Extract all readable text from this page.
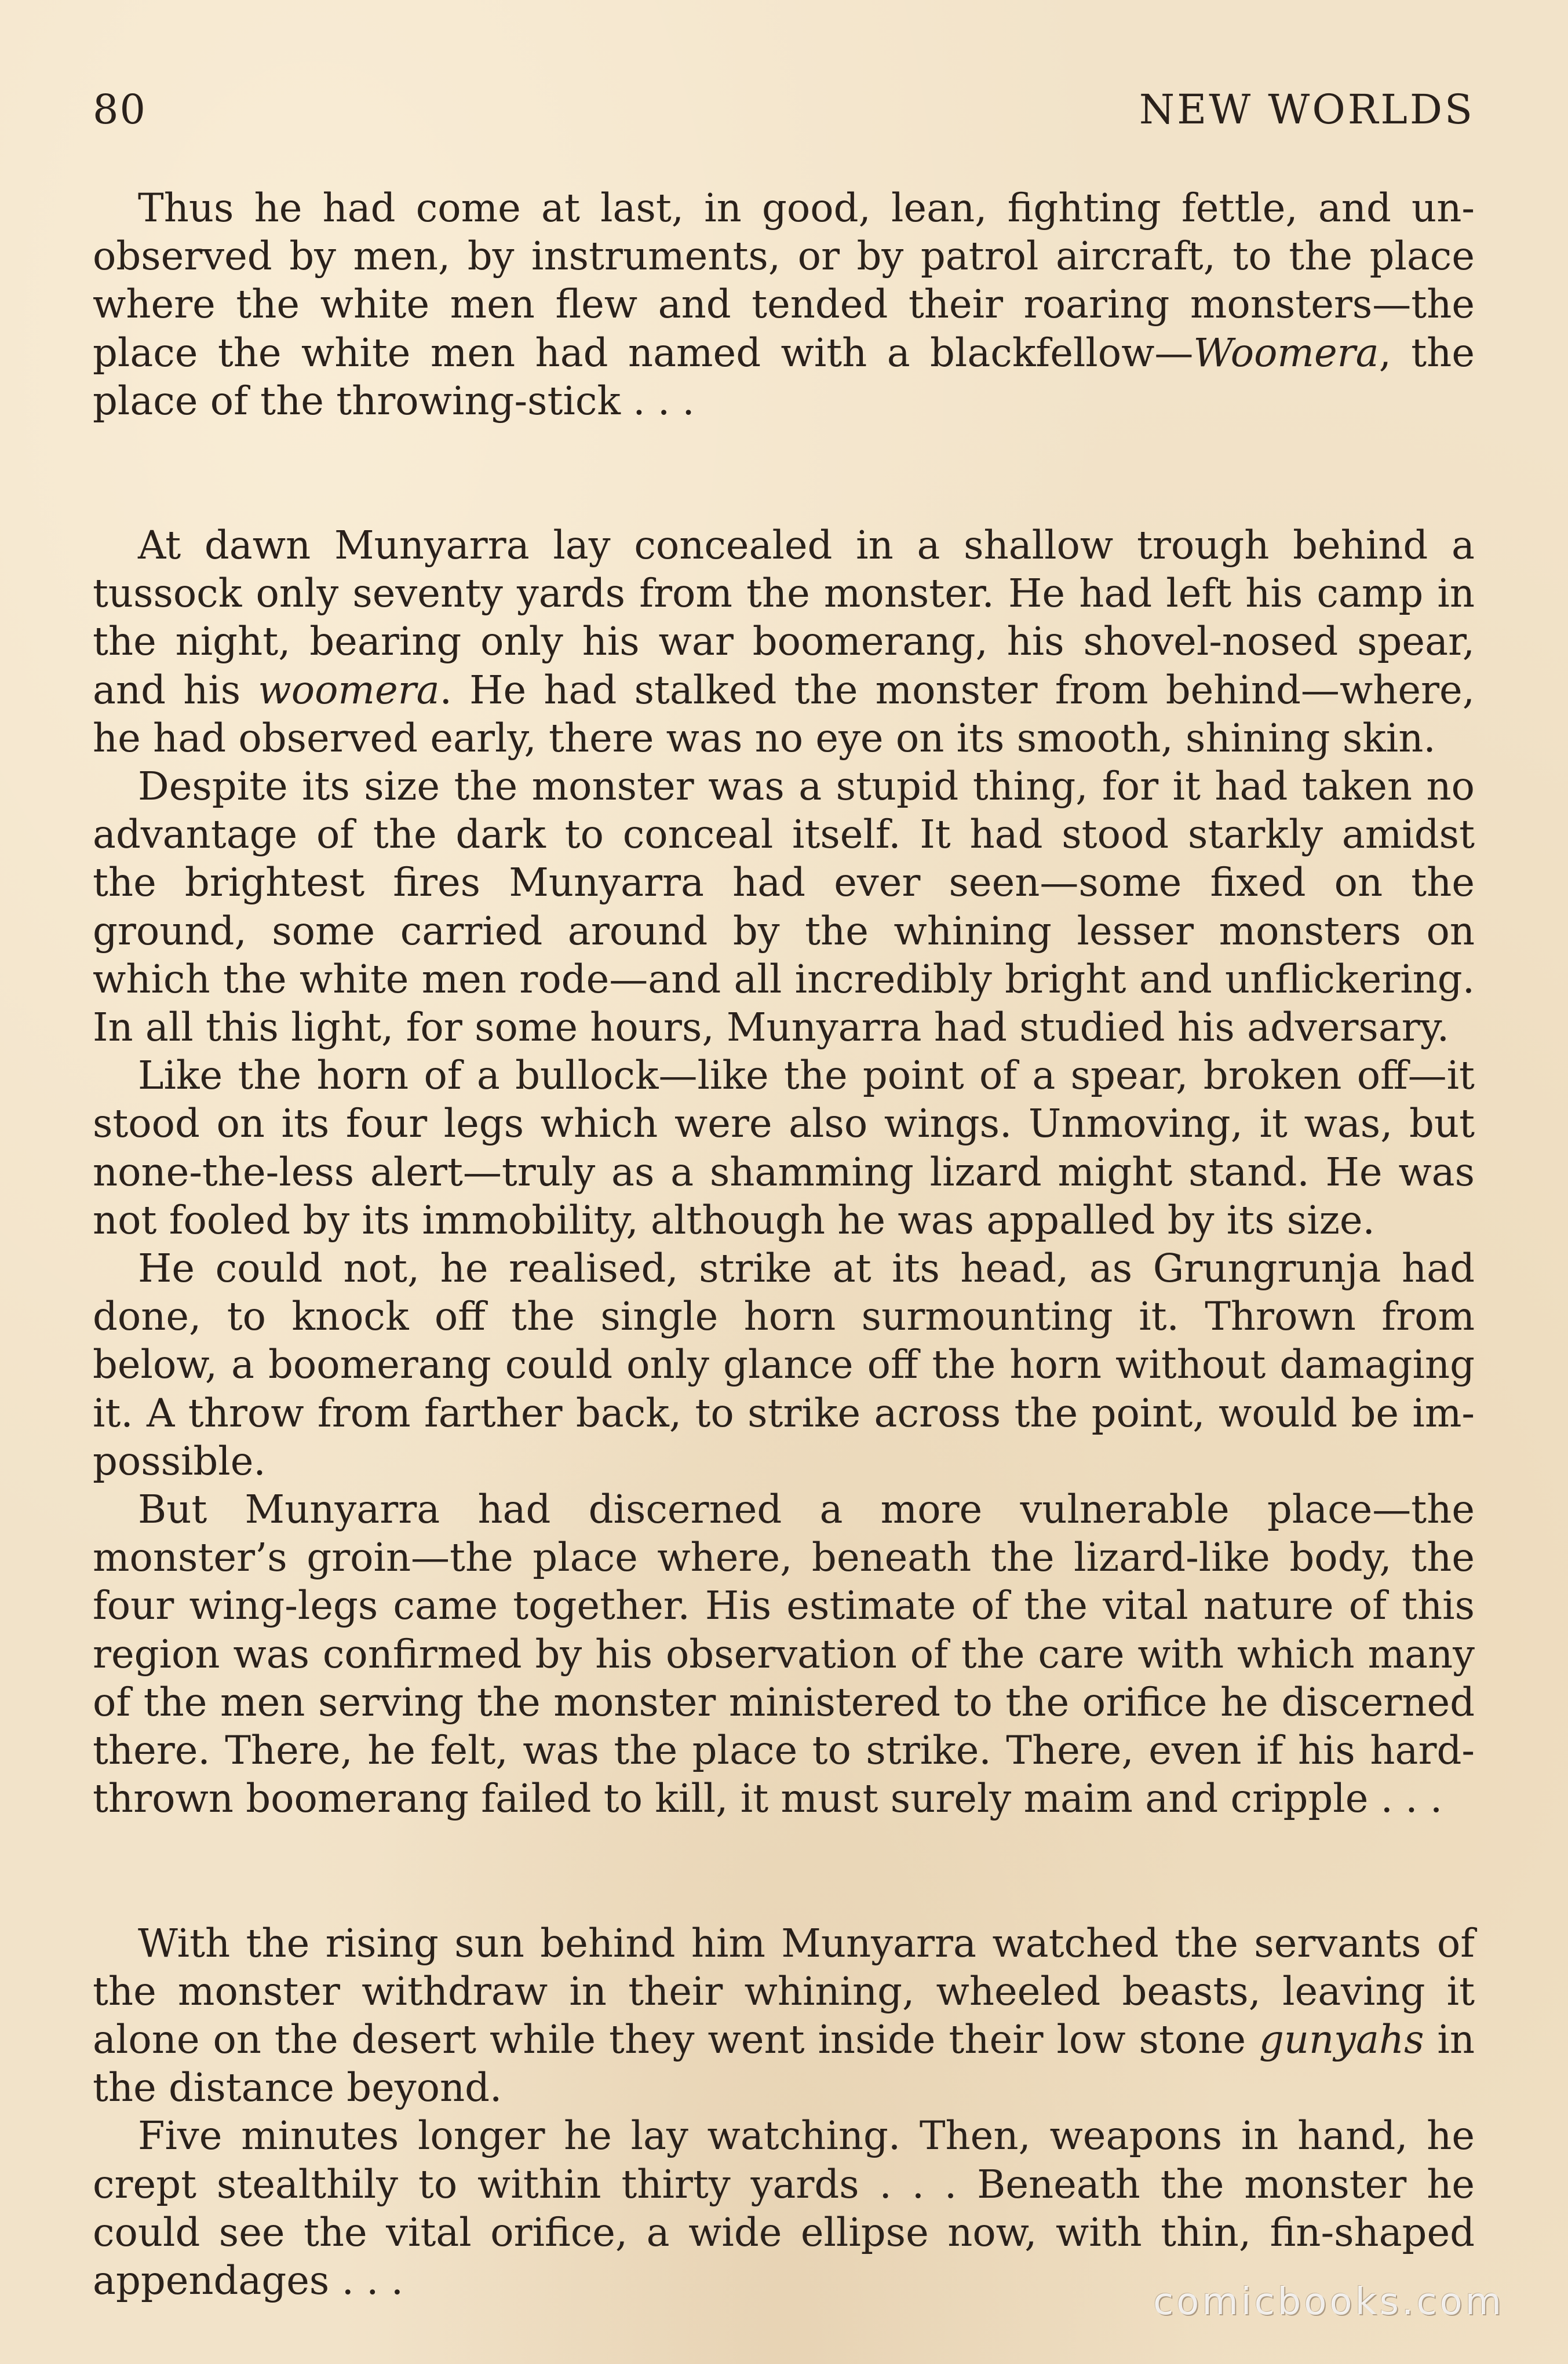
80	NEW WORLDS

Thus he had come at last, in good, lean, fighting fettle, and unobserved by men, by instruments, or by patrol aircraft, to the place where the white men flew and tended their roaring monsters—the place the white men had named with a blackfellow—Woomera, the place of the throwing-stick . . .

At dawn Munyarra lay concealed in a shallow trough behind a tussock only seventy yards from the monster. He had left his camp in the night, bearing only his war boomerang, his shovel-nosed spear, and his woomera. He had stalked the monster from behind—where, he had observed early, there was no eye on its smooth, shining skin.

Despite its size the monster was a stupid thing, for it had taken no advantage of the dark to conceal itself. It had stood starkly amidst the brightest fires Munyarra had ever seen—some fixed on the ground, some carried around by the whining lesser monsters on which the white men rode—and all incredibly bright and unflickering. In all this light, for some hours, Munyarra had studied his adversary.

Like the horn of a bullock—like the point of a spear, broken off—it stood on its four legs which were also wings. Unmoving, it was, but none-the-less alert—truly as a shamming lizard might stand. He was not fooled by its immobility, although he was appalled by its size.

He could not, he realised, strike at its head, as Grungrunja had done, to knock off the single horn surmounting it. Thrown from below, a boomerang could only glance off the horn without damaging it. A throw from farther back, to strike across the point, would be impossible.

But Munyarra had discerned a more vulnerable place—the monster’s groin—the place where, beneath the lizard-like body, the four wing-legs came together. His estimate of the vital nature of this region was confirmed by his observation of the care with which many of the men serving the monster ministered to the orifice he discerned there. There, he felt, was the place to strike. There, even if his hard-thrown boomerang failed to kill, it must surely maim and cripple . . .

With the rising sun behind him Munyarra watched the servants of the monster withdraw in their whining, wheeled beasts, leaving it alone on the desert while they went inside their low stone gunyahs in the distance beyond.

Five minutes longer he lay watching. Then, weapons in hand, he crept stealthily to within thirty yards . . . Beneath the monster he could see the vital orifice, a wide ellipse now, with thin, fin-shaped appendages . . .	comicbooks.com
